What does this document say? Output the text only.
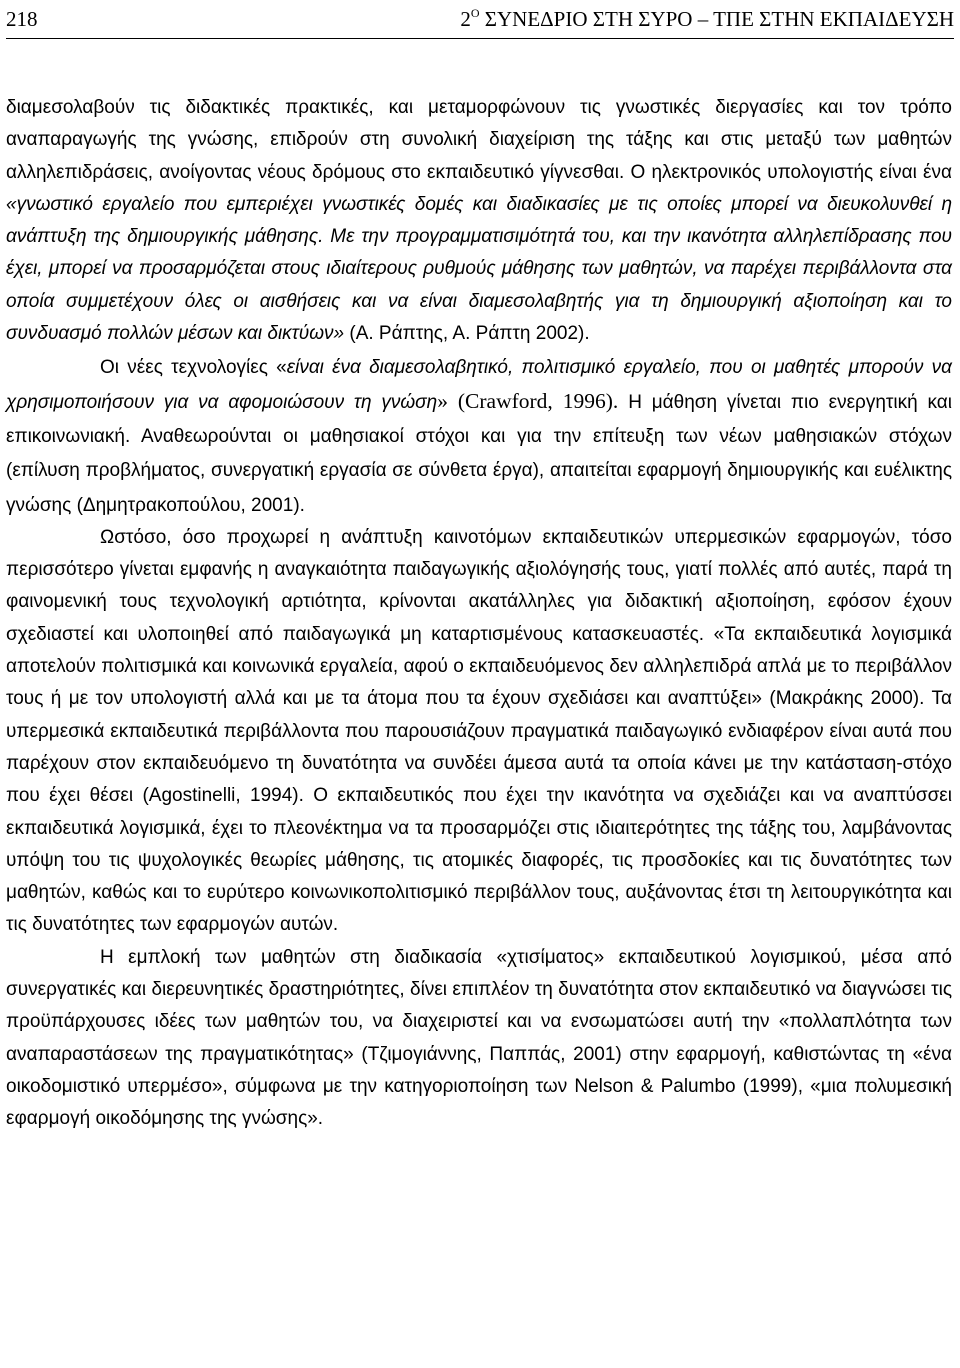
218	$2^O$ ΣΥΝΕΔΡΙΟ ΣΤΗ ΣΥΡΟ – ΤΠΕ ΣΤΗΝ ΕΚΠΑΙΔΕΥΣΗ

διαμεσολαβούν τις διδακτικές πρακτικές, και μεταμορφώνουν τις γνωστικές διεργασίες και τον τρόπο αναπαραγωγής της γνώσης, επιδρούν στη συνολική διαχείριση της τάξης και στις μεταξύ των μαθητών αλληλεπιδράσεις, ανοίγοντας νέους δρόμους στο εκπαιδευτικό γίγνεσθαι. Ο ηλεκτρονικός υπολογιστής είναι ένα «γνωστικό εργαλείο που εμπεριέχει γνωστικές δομές και διαδικασίες με τις οποίες μπορεί να διευκολυνθεί η ανάπτυξη της δημιουργικής μάθησης. Με την προγραμματισιμότητά του, και την ικανότητα αλληλεπίδρασης που έχει, μπορεί να προσαρμόζεται στους ιδιαίτερους ρυθμούς μάθησης των μαθητών, να παρέχει περιβάλλοντα στα οποία συμμετέχουν όλες οι αισθήσεις και να είναι διαμεσολαβητής για τη δημιουργική αξιοποίηση και το συνδυασμό πολλών μέσων και δικτύων» (Α. Ράπτης, Α. Ράπτη 2002).

Οι νέες τεχνολογίες «είναι ένα διαμεσολαβητικό, πολιτισμικό εργαλείο, που οι μαθητές μπορούν να χρησιμοποιήσουν για να αφομοιώσουν τη γνώση» (Crawford, 1996). Η μάθηση γίνεται πιο ενεργητική και επικοινωνιακή. Αναθεωρούνται οι μαθησιακοί στόχοι και για την επίτευξη των νέων μαθησιακών στόχων (επίλυση προβλήματος, συνεργατική εργασία σε σύνθετα έργα), απαιτείται εφαρμογή δημιουργικής και ευέλικτης γνώσης (Δημητρακοπούλου, 2001).

Ωστόσο, όσο προχωρεί η ανάπτυξη καινοτόμων εκπαιδευτικών υπερμεσικών εφαρμογών, τόσο περισσότερο γίνεται εμφανής η αναγκαιότητα παιδαγωγικής αξιολόγησής τους, γιατί πολλές από αυτές, παρά τη φαινομενική τους τεχνολογική αρτιότητα, κρίνονται ακατάλληλες για διδακτική αξιοποίηση, εφόσον έχουν σχεδιαστεί και υλοποιηθεί από παιδαγωγικά μη καταρτισμένους κατασκευαστές. «Τα εκπαιδευτικά λογισμικά αποτελούν πολιτισμικά και κοινωνικά εργαλεία, αφού ο εκπαιδευόμενος δεν αλληλεπιδρά απλά με το περιβάλλον τους ή με τον υπολογιστή αλλά και με τα άτομα που τα έχουν σχεδιάσει και αναπτύξει» (Μακράκης 2000). Τα υπερμεσικά εκπαιδευτικά περιβάλλοντα που παρουσιάζουν πραγματικά παιδαγωγικό ενδιαφέρον είναι αυτά που παρέχουν στον εκπαιδευόμενο τη δυνατότητα να συνδέει άμεσα αυτά τα οποία κάνει με την κατάσταση-στόχο που έχει θέσει (Agostinelli, 1994). Ο εκπαιδευτικός που έχει την ικανότητα να σχεδιάζει και να αναπτύσσει εκπαιδευτικά λογισμικά, έχει το πλεονέκτημα να τα προσαρμόζει στις ιδιαιτερότητες της τάξης του, λαμβάνοντας υπόψη του τις ψυχολογικές θεωρίες μάθησης, τις ατομικές διαφορές, τις προσδοκίες και τις δυνατότητες των μαθητών, καθώς και το ευρύτερο κοινωνικοπολιτισμικό περιβάλλον τους, αυξάνοντας έτσι τη λειτουργικότητα και τις δυνατότητες των εφαρμογών αυτών.

Η εμπλοκή των μαθητών στη διαδικασία «χτισίματος» εκπαιδευτικού λογισμικού, μέσα από συνεργατικές και διερευνητικές δραστηριότητες, δίνει επιπλέον τη δυνατότητα στον εκπαιδευτικό να διαγνώσει τις προϋπάρχουσες ιδέες των μαθητών του, να διαχειριστεί και να ενσωματώσει αυτή την «πολλαπλότητα των αναπαραστάσεων της πραγματικότητας» (Τζιμογιάννης, Παππάς, 2001) στην εφαρμογή, καθιστώντας τη «ένα οικοδομιστικό υπερμέσο», σύμφωνα με την κατηγοριοποίηση των Nelson & Palumbo (1999), «μια πολυμεσική εφαρμογή οικοδόμησης της γνώσης».
